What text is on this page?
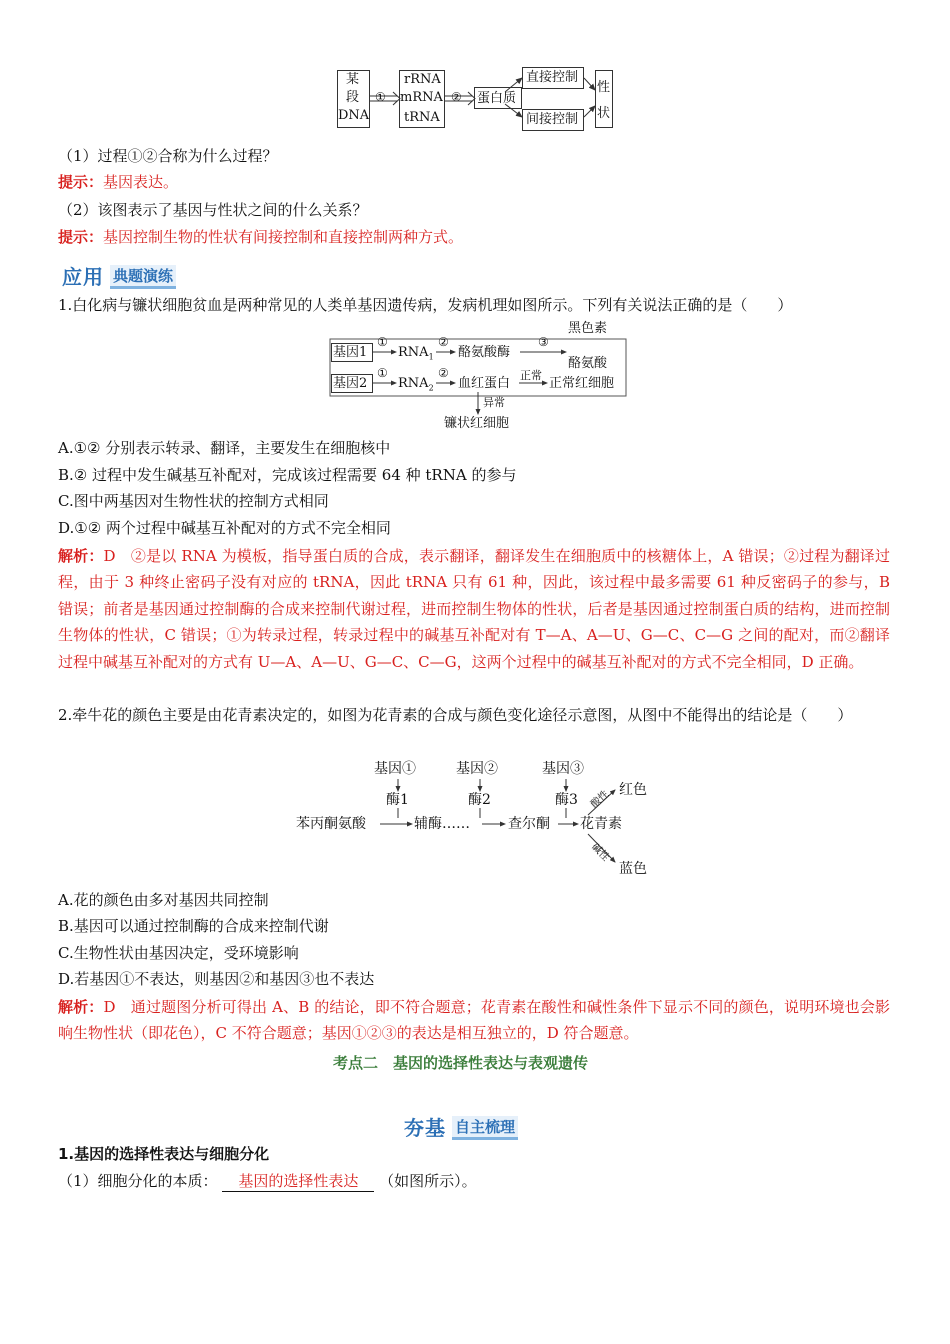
某
段
DNA
①
rRNA
mRNA
tRNA
② 蛋白质
直接控制
间接控制
性
状
（1）过程①②合称为什么过程？
提示：基因表达。
（2）该图表示了基因与性状之间的什么关系？
提示：基因控制生物的性状有间接控制和直接控制两种方式。
应用 典题演练
1.白化病与镰状细胞贫血是两种常见的人类单基因遗传病，发病机理如图所示。下列有关说法正确的是（　　）
基因1
基因2
①
$RNA_1$
②
酪氨酸酶
③
黑色素
酪氨酸
①
$RNA_2$
②
血红蛋白
正常
正常红细胞
异常
镰状红细胞
A.①② 分别表示转录、翻译，主要发生在细胞核中
B.② 过程中发生碱基互补配对，完成该过程需要 64 种 tRNA 的参与
C.图中两基因对生物性状的控制方式相同
D.①② 两个过程中碱基互补配对的方式不完全相同
解析：D　②是以 RNA 为模板，指导蛋白质的合成，表示翻译，翻译发生在细胞质中的核糖体上，A 错误；②过程为翻译过程，由于 3 种终止密码子没有对应的 tRNA，因此 tRNA 只有 61 种，因此，该过程中最多需要 61 种反密码子的参与，B 错误；前者是基因通过控制酶的合成来控制代谢过程，进而控制生物体的性状，后者是基因通过控制蛋白质的结构，进而控制生物体的性状，C 错误；①为转录过程，转录过程中的碱基互补配对有 T—A、A—U、G—C、C—G 之间的配对，而②翻译过程中碱基互补配对的方式有 U—A、A—U、G—C、C—G，这两个过程中的碱基互补配对的方式不完全相同，D 正确。
2.牵牛花的颜色主要是由花青素决定的，如图为花青素的合成与颜色变化途径示意图，从图中不能得出的结论是（　　）
基因①	基因②	基因③
酶1	酶2	酶3
苯丙酮氨酸	辅酶……	查尔酮 花青素
酸性 红色
碱性
蓝色
A.花的颜色由多对基因共同控制
B.基因可以通过控制酶的合成来控制代谢
C.生物性状由基因决定，受环境影响
D.若基因①不表达，则基因②和基因③也不表达
解析：D　通过题图分析可得出 A、B 的结论，即不符合题意；花青素在酸性和碱性条件下显示不同的颜色，说明环境也会影响生物性状（即花色），C 不符合题意；基因①②③的表达是相互独立的，D 符合题意。
考点二　基因的选择性表达与表观遗传
夯基 自主梳理
1.基因的选择性表达与细胞分化
（1）细胞分化的本质： 基因的选择性表达 （如图所示）。
